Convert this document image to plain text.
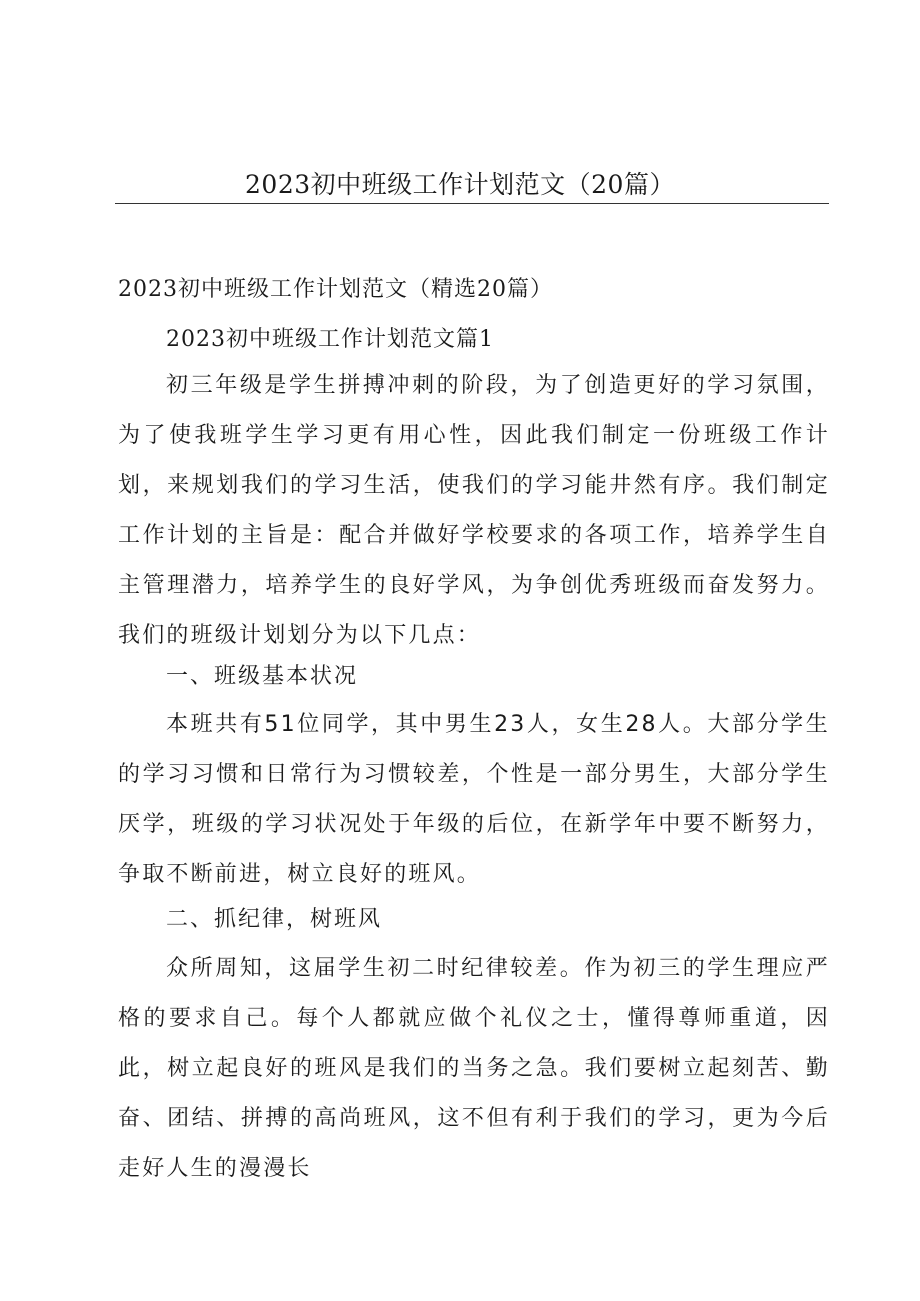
2023初中班级工作计划范文（20篇）
2023初中班级工作计划范文（精选20篇）
2023初中班级工作计划范文篇1

初三年级是学生拼搏冲刺的阶段，为了创造更好的学习氛围，为了使我班学生学习更有用心性，因此我们制定一份班级工作计划，来规划我们的学习生活，使我们的学习能井然有序。我们制定工作计划的主旨是：配合并做好学校要求的各项工作，培养学生自主管理潜力，培养学生的良好学风，为争创优秀班级而奋发努力。我们的班级计划划分为以下几点：

一、班级基本状况

本班共有51位同学，其中男生23人，女生28人。大部分学生的学习习惯和日常行为习惯较差，个性是一部分男生，大部分学生厌学，班级的学习状况处于年级的后位，在新学年中要不断努力，争取不断前进，树立良好的班风。

二、抓纪律，树班风

众所周知，这届学生初二时纪律较差。作为初三的学生理应严格的要求自己。每个人都就应做个礼仪之士，懂得尊师重道，因此，树立起良好的班风是我们的当务之急。我们要树立起刻苦、勤奋、团结、拼搏的高尚班风，这不但有利于我们的学习，更为今后走好人生的漫漫长
